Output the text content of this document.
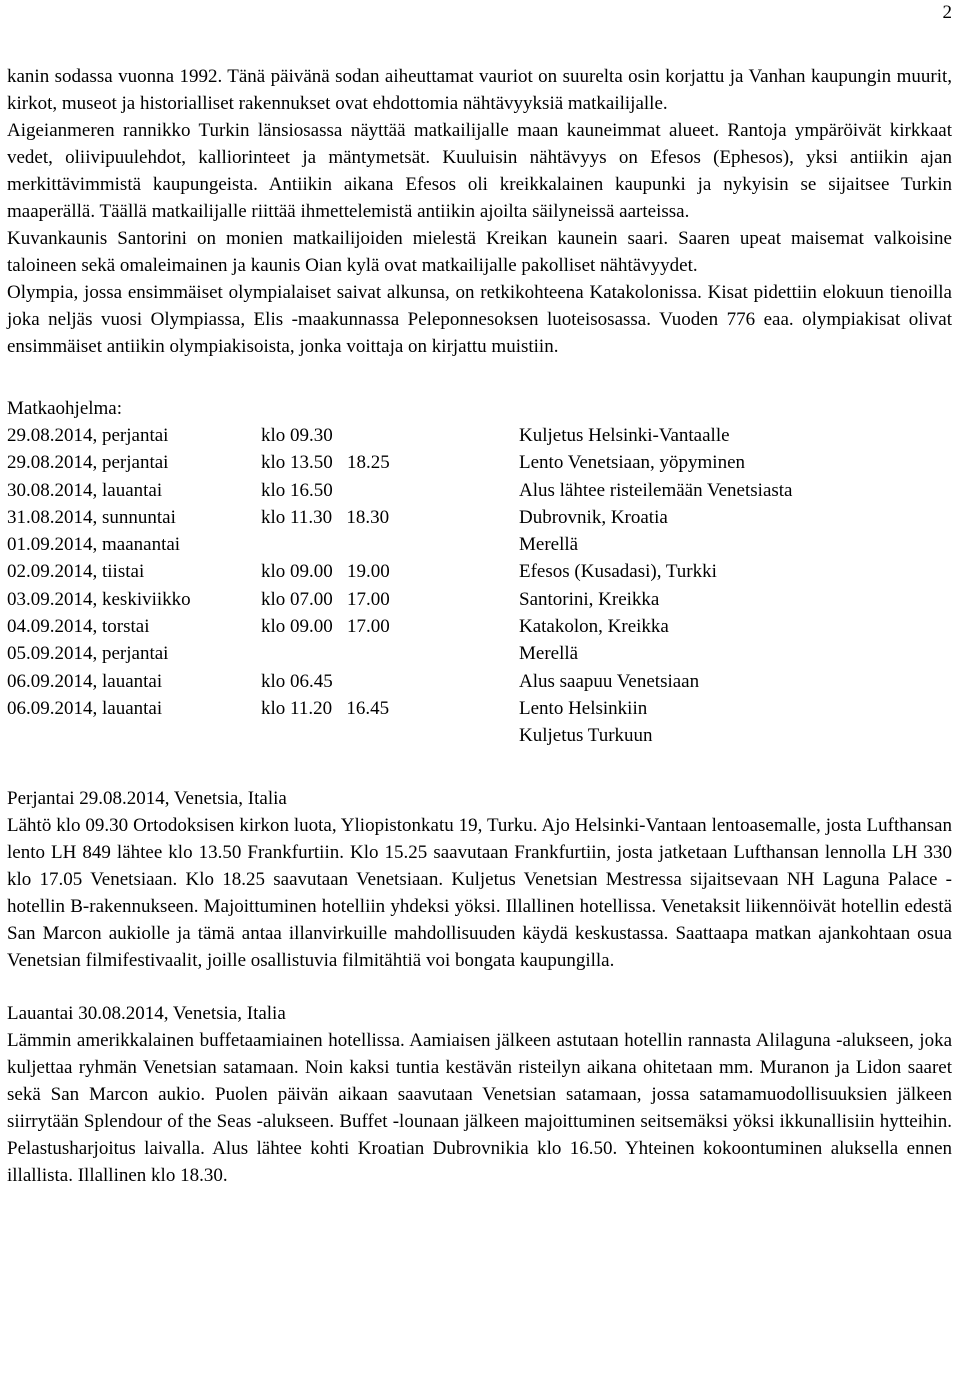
2

kanin sodassa vuonna 1992. Tänä päivänä sodan aiheuttamat vauriot on suurelta osin korjattu ja Vanhan kaupungin muurit, kirkot, museot ja historialliset rakennukset ovat ehdottomia nähtävyyksiä matkailijalle.

Aigeianmeren rannikko Turkin länsiosassa näyttää matkailijalle maan kauneimmat alueet. Rantoja ympäröivät kirkkaat vedet, oliivipuulehdot, kalliorinteet ja mäntymetsät. Kuuluisin nähtävyys on Efesos (Ephesos), yksi antiikin ajan merkittävimmistä kaupungeista. Antiikin aikana Efesos oli kreikkalainen kaupunki ja nykyisin se sijaitsee Turkin maaperällä. Täällä matkailijalle riittää ihmettelemistä antiikin ajoilta säilyneissä aarteissa.

Kuvankaunis Santorini on monien matkailijoiden mielestä Kreikan kaunein saari. Saaren upeat maisemat valkoisine taloineen sekä omaleimainen ja kaunis Oian kylä ovat matkailijalle pakolliset nähtävyydet.

Olympia, jossa ensimmäiset olympialaiset saivat alkunsa, on retkikohteena Katakolonissa. Kisat pidettiin elokuun tienoilla joka neljäs vuosi Olympiassa, Elis -maakunnassa Peleponnesoksen luoteisosassa. Vuoden 776 eaa. olympiakisat olivat ensimmäiset antiikin olympiakisoista, jonka voittaja on kirjattu muistiin.

Matkaohjelma:

29.08.2014, perjantai	klo 09.30	Kuljetus Helsinki-Vantaalle
29.08.2014, perjantai	klo 13.50   18.25	Lento Venetsiaan, yöpyminen
30.08.2014, lauantai	klo 16.50	Alus lähtee risteilemään Venetsiasta
31.08.2014, sunnuntai	klo 11.30   18.30	Dubrovnik, Kroatia
01.09.2014, maanantai		Merellä
02.09.2014, tiistai	klo 09.00   19.00	Efesos (Kusadasi), Turkki
03.09.2014, keskiviikko	klo 07.00   17.00	Santorini, Kreikka
04.09.2014, torstai	klo 09.00   17.00	Katakolon, Kreikka
05.09.2014, perjantai		Merellä
06.09.2014, lauantai	klo 06.45	Alus saapuu Venetsiaan
06.09.2014, lauantai	klo 11.20   16.45	Lento Helsinkiin
		Kuljetus Turkuun

Perjantai 29.08.2014, Venetsia, Italia

Lähtö klo 09.30 Ortodoksisen kirkon luota, Yliopistonkatu 19, Turku. Ajo Helsinki-Vantaan lentoasemalle, josta Lufthansan lento LH 849 lähtee klo 13.50 Frankfurtiin. Klo 15.25 saavutaan Frankfurtiin, josta jatketaan Lufthansan lennolla LH 330 klo 17.05 Venetsiaan. Klo 18.25 saavutaan Venetsiaan. Kuljetus Venetsian Mestressa sijaitsevaan NH Laguna Palace -hotellin B-rakennukseen. Majoittuminen hotelliin yhdeksi yöksi. Illallinen hotellissa. Venetaksit liikennöivät hotellin edestä San Marcon aukiolle ja tämä antaa illanvirkuille mahdollisuuden käydä keskustassa. Saattaapa matkan ajankohtaan osua Venetsian filmifestivaalit, joille osallistuvia filmitähtiä voi bongata kaupungilla.

Lauantai 30.08.2014, Venetsia, Italia

Lämmin amerikkalainen buffetaamiainen hotellissa. Aamiaisen jälkeen astutaan hotellin rannasta Alilaguna -alukseen, joka kuljettaa ryhmän Venetsian satamaan. Noin kaksi tuntia kestävän risteilyn aikana ohitetaan mm. Muranon ja Lidon saaret sekä San Marcon aukio. Puolen päivän aikaan saavutaan Venetsian satamaan, jossa satamamuodollisuuksien jälkeen siirrytään Splendour of the Seas -alukseen. Buffet -lounaan jälkeen majoittuminen seitsemäksi yöksi ikkunallisiin hytteihin. Pelastusharjoitus laivalla. Alus lähtee kohti Kroatian Dubrovnikia klo 16.50. Yhteinen kokoontuminen aluksella ennen illallista. Illallinen klo 18.30.
